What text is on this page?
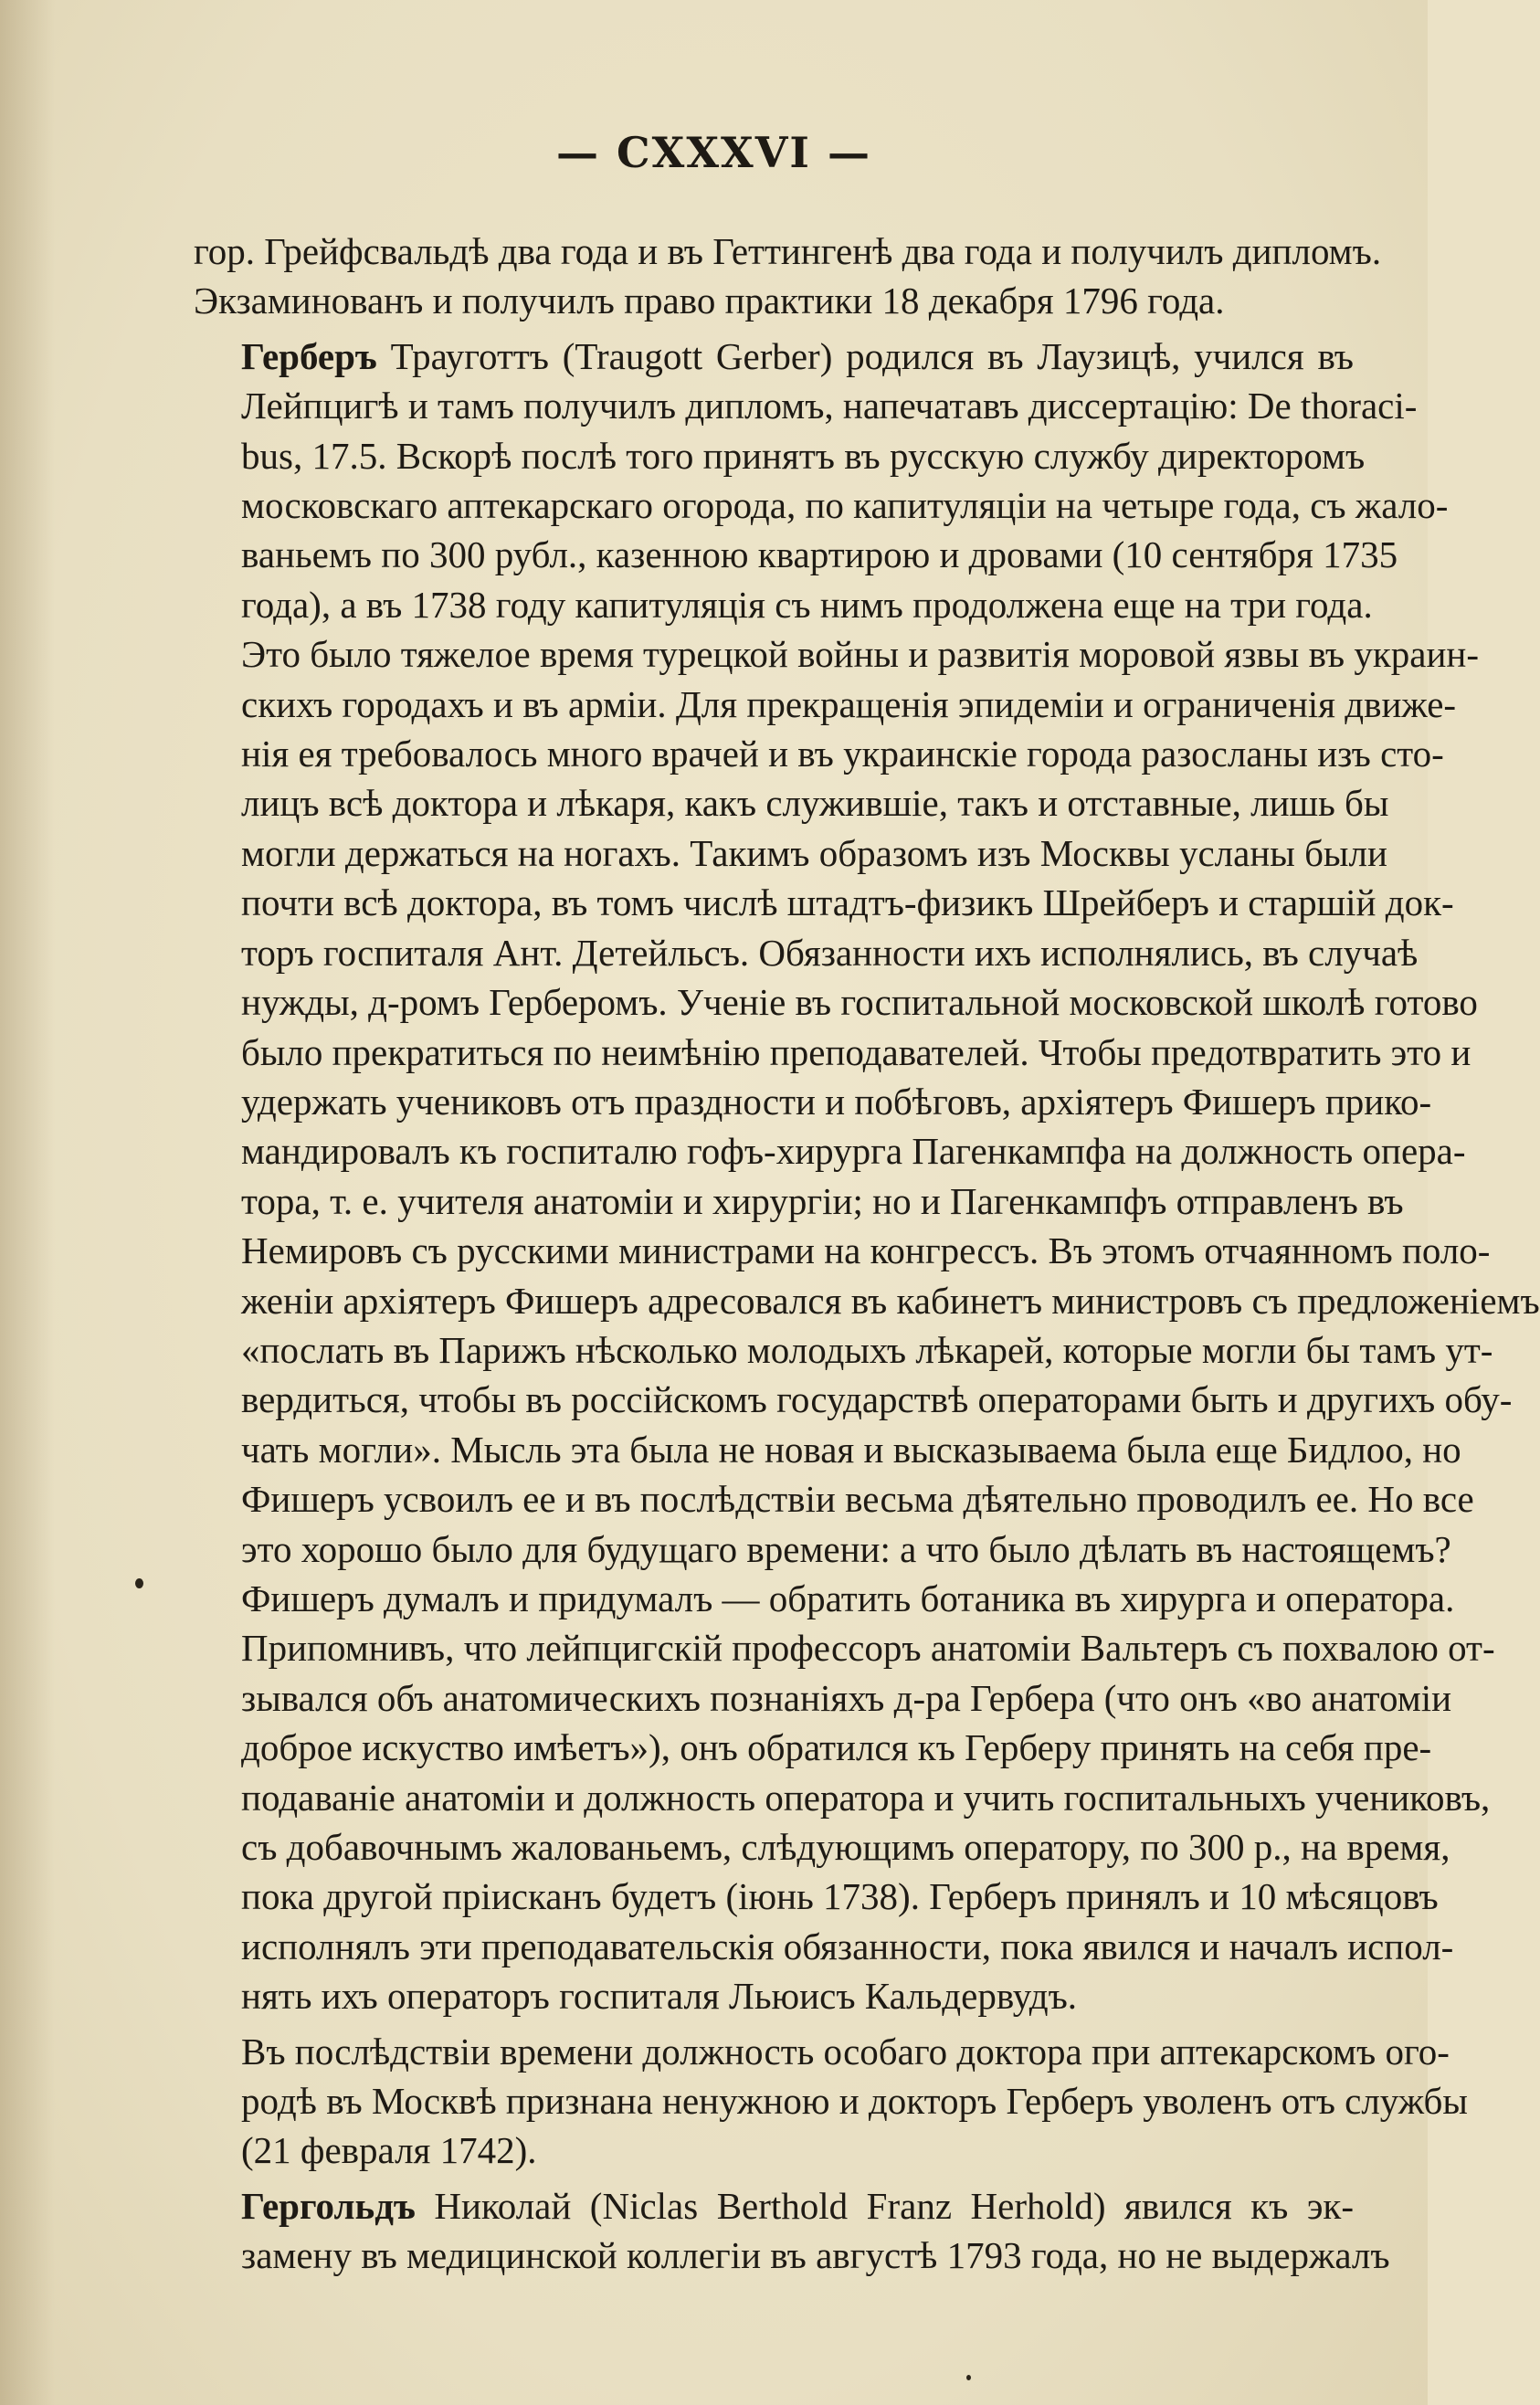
— CXXXVI —
гор. Грейфсвальдѣ два года и въ Геттингенѣ два года и получилъ дипломъ.
Экзаминованъ и получилъ право практики 18 декабря 1796 года.
Герберъ Трауготтъ (Traugott Gerber) родился въ Лаузицѣ, учился въ
Лейпцигѣ и тамъ получилъ дипломъ, напечатавъ диссертацію: De thoraci-
bus, 17.5. Вскорѣ послѣ того принятъ въ русскую службу директоромъ
московскаго аптекарскаго огорода, по капитуляціи на четыре года, съ жало-
ваньемъ по 300 рубл., казенною квартирою и дровами (10 сентября 1735
года), а въ 1738 году капитуляція съ нимъ продолжена еще на три года.
Это было тяжелое время турецкой войны и развитія моровой язвы въ украин-
скихъ городахъ и въ арміи. Для прекращенія эпидеміи и ограниченія движе-
нія ея требовалось много врачей и въ украинскіе города разосланы изъ сто-
лицъ всѣ доктора и лѣкаря, какъ служившіе, такъ и отставные, лишь бы
могли держаться на ногахъ. Такимъ образомъ изъ Москвы усланы были
почти всѣ доктора, въ томъ числѣ штадтъ-физикъ Шрейберъ и старшій док-
торъ госпиталя Ант. Детейльсъ. Обязанности ихъ исполнялись, въ случаѣ
нужды, д-ромъ Герберомъ. Ученіе въ госпитальной московской школѣ готово
было прекратиться по неимѣнію преподавателей. Чтобы предотвратить это и
удержать учениковъ отъ праздности и побѣговъ, архіятеръ Фишеръ прико-
мандировалъ къ госпиталю гофъ-хирурга Пагенкампфа на должность опера-
тора, т. е. учителя анатоміи и хирургіи; но и Пагенкампфъ отправленъ въ
Немировъ съ русскими министрами на конгрессъ. Въ этомъ отчаянномъ поло-
женіи архіятеръ Фишеръ адресовался въ кабинетъ министровъ съ предложеніемъ
«послать въ Парижъ нѣсколько молодыхъ лѣкарей, которые могли бы тамъ ут-
вердиться, чтобы въ россійскомъ государствѣ операторами быть и другихъ обу-
чать могли». Мысль эта была не новая и высказываема была еще Бидлоо, но
Фишеръ усвоилъ ее и въ послѣдствіи весьма дѣятельно проводилъ ее. Но все
это хорошо было для будущаго времени: а что было дѣлать въ настоящемъ?
Фишеръ думалъ и придумалъ — обратить ботаника въ хирурга и оператора.
Припомнивъ, что лейпцигскій профессоръ анатоміи Вальтеръ съ похвалою от-
зывался объ анатомическихъ познаніяхъ д-ра Гербера (что онъ «во анатоміи
доброе искуство имѣетъ»), онъ обратился къ Герберу принять на себя пре-
подаваніе анатоміи и должность оператора и учить госпитальныхъ учениковъ,
съ добавочнымъ жалованьемъ, слѣдующимъ оператору, по 300 р., на время,
пока другой пріисканъ будетъ (іюнь 1738). Герберъ принялъ и 10 мѣсяцовъ
исполнялъ эти преподавательскія обязанности, пока явился и началъ испол-
нять ихъ операторъ госпиталя Льюисъ Кальдервудъ.
Въ послѣдствіи времени должность особаго доктора при аптекарскомъ ого-
родѣ въ Москвѣ признана ненужною и докторъ Герберъ уволенъ отъ службы
(21 февраля 1742).
Гергольдъ Николай (Niclas Berthold Franz Herhold) явился къ эк-
замену въ медицинской коллегіи въ августѣ 1793 года, но не выдержалъ
